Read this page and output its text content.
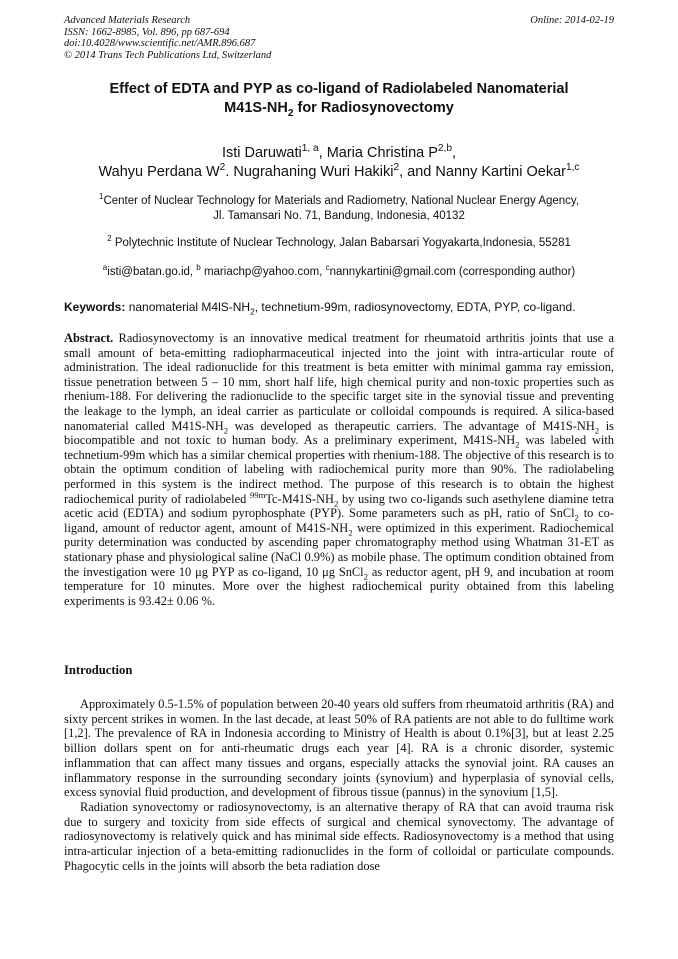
Advanced Materials Research
ISSN: 1662-8985, Vol. 896, pp 687-694
doi:10.4028/www.scientific.net/AMR.896.687
© 2014 Trans Tech Publications Ltd, Switzerland
Online: 2014-02-19
Effect of EDTA and PYP as co-ligand of Radiolabeled Nanomaterial
$M41S-NH_2$ for Radiosynovectomy
Isti Daruwati$^{1, a}$, Maria Christina P$^{2,b}$,
Wahyu Perdana $W^2$. Nugrahaning Wuri Hakiki$^2$, and Nanny Kartini Oekar$^{1,c}$
$^1$Center of Nuclear Technology for Materials and Radiometry, National Nuclear Energy Agency,
Jl. Tamansari No. 71, Bandung, Indonesia, 40132
$^2$ Polytechnic Institute of Nuclear Technology, Jalan Babarsari Yogyakarta,Indonesia, 55281
$^a$isti@batan.go.id, $^b$ mariachp@yahoo.com, $^c$nannykartini@gmail.com (corresponding author)
Keywords: nanomaterial $M4lS-NH_2$, technetium-99m, radiosynovectomy, EDTA, PYP, co-ligand.
Abstract. Radiosynovectomy is an innovative medical treatment for rheumatoid arthritis joints that use a small amount of beta-emitting radiopharmaceutical injected into the joint with intra-articular route of administration. The ideal radionuclide for this treatment is beta emitter with minimal gamma ray emission, tissue penetration between 5 – 10 mm, short half life, high chemical purity and non-toxic properties such as rhenium-188. For delivering the radionuclide to the specific target site in the synovial tissue and preventing the leakage to the lymph, an ideal carrier as particulate or colloidal compounds is required. A silica-based nanomaterial called $M41S-NH_2$ was developed as therapeutic carriers. The advantage of $M41S-NH_2$ is biocompatible and not toxic to human body. As a preliminary experiment, $M41S-NH_2$ was labeled with technetium-99m which has a similar chemical properties with rhenium-188. The objective of this research is to obtain the optimum condition of labeling with radiochemical purity more than 90%. The radiolabeling performed in this system is the indirect method. The purpose of this research is to obtain the highest radiochemical purity of radiolabeled $^{99m}Tc-M41S-NH_2$ by using two co-ligands such asethylene diamine tetra acetic acid (EDTA) and sodium pyrophosphate (PYP). Some parameters such as pH, ratio of SnCl$_2$ to co-ligand, amount of reductor agent, amount of $M41S-NH_2$ were optimized in this experiment. Radiochemical purity determination was conducted by ascending paper chromatography method using Whatman 31-ET as stationary phase and physiological saline (NaCl 0.9%) as mobile phase. The optimum condition obtained from the investigation were 10 μg PYP as co-ligand, 10 μg SnCl$_2$ as reductor agent, pH 9, and incubation at room temperature for 10 minutes. More over the highest radiochemical purity obtained from this labeling experiments is 93.42± 0.06 %.
Introduction

Approximately 0.5-1.5% of population between 20-40 years old suffers from rheumatoid arthritis (RA) and sixty percent strikes in women. In the last decade, at least 50% of RA patients are not able to do fulltime work [1,2]. The prevalence of RA in Indonesia according to Ministry of Health is about 0.1%[3], but at least 2.25 billion dollars spent on for anti-rheumatic drugs each year [4]. RA is a chronic disorder, systemic inflammation that can affect many tissues and organs, especially attacks the synovial joint. RA causes an inflammatory response in the surrounding secondary joints (synovium) and hyperplasia of synovial cells, excess synovial fluid production, and development of fibrous tissue (pannus) in the synovium [1,5].

Radiation synovectomy or radiosynovectomy, is an alternative therapy of RA that can avoid trauma risk due to surgery and toxicity from side effects of surgical and chemical synovectomy. The advantage of radiosynovectomy is relatively quick and has minimal side effects. Radiosynovectomy is a method that using intra-articular injection of a beta-emitting radionuclides in the form of colloidal or particulate compounds. Phagocytic cells in the joints will absorb the beta radiation dose
